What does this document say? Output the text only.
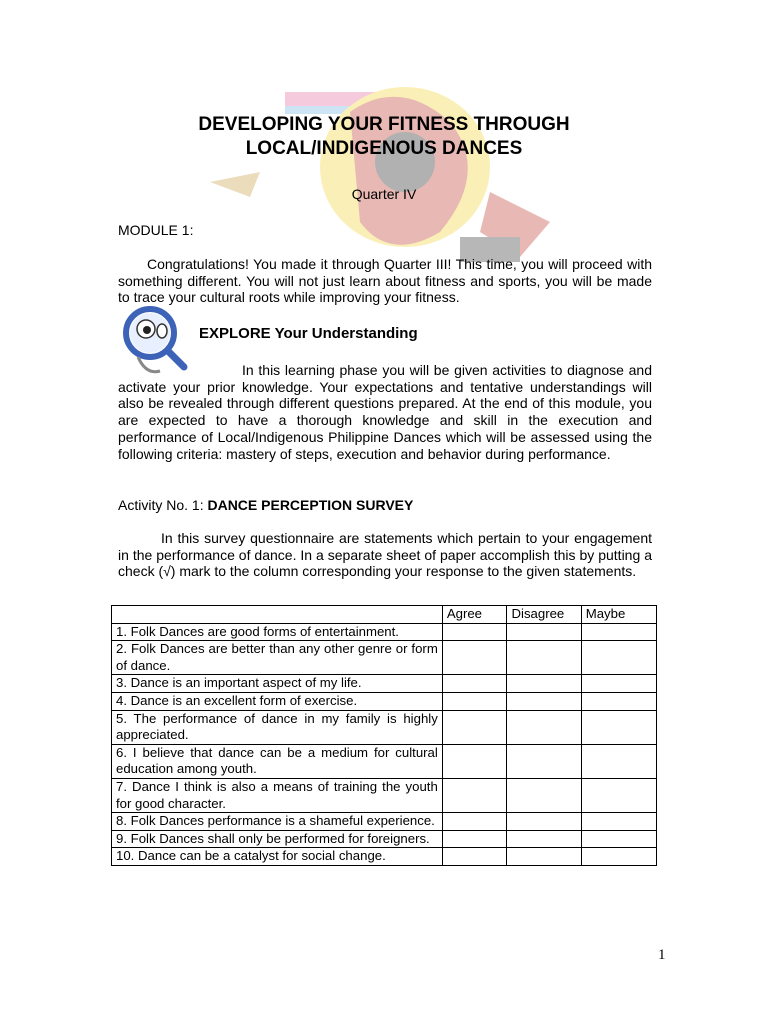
DEVELOPING YOUR FITNESS THROUGH
LOCAL/INDIGENOUS DANCES
Quarter IV
MODULE 1:

Congratulations! You made it through Quarter III! This time, you will proceed with something different. You will not just learn about fitness and sports, you will be made to trace your cultural roots while improving your fitness.

EXPLORE Your Understanding

In this learning phase you will be given activities to diagnose and activate your prior knowledge. Your expectations and tentative understandings will also be revealed through different questions prepared. At the end of this module, you are expected to have a thorough knowledge and skill in the execution and performance of Local/Indigenous Philippine Dances which will be assessed using the following criteria: mastery of steps, execution and behavior during performance.

Activity No. 1: DANCE PERCEPTION SURVEY

In this survey questionnaire are statements which pertain to your engagement in the performance of dance. In a separate sheet of paper accomplish this by putting a check (√) mark to the column corresponding your response to the given statements.

	Agree	Disagree	Maybe
1. Folk Dances are good forms of entertainment.			
2. Folk Dances are better than any other genre or form of dance.			
3. Dance is an important aspect of my life.			
4. Dance is an excellent form of exercise.			
5. The performance of dance in my family is highly appreciated.			
6. I believe that dance can be a medium for cultural education among youth.			
7. Dance I think is also a means of training the youth for good character.			
8. Folk Dances performance is a shameful experience.			
9. Folk Dances shall only be performed for foreigners.			
10. Dance can be a catalyst for social change.			
1
